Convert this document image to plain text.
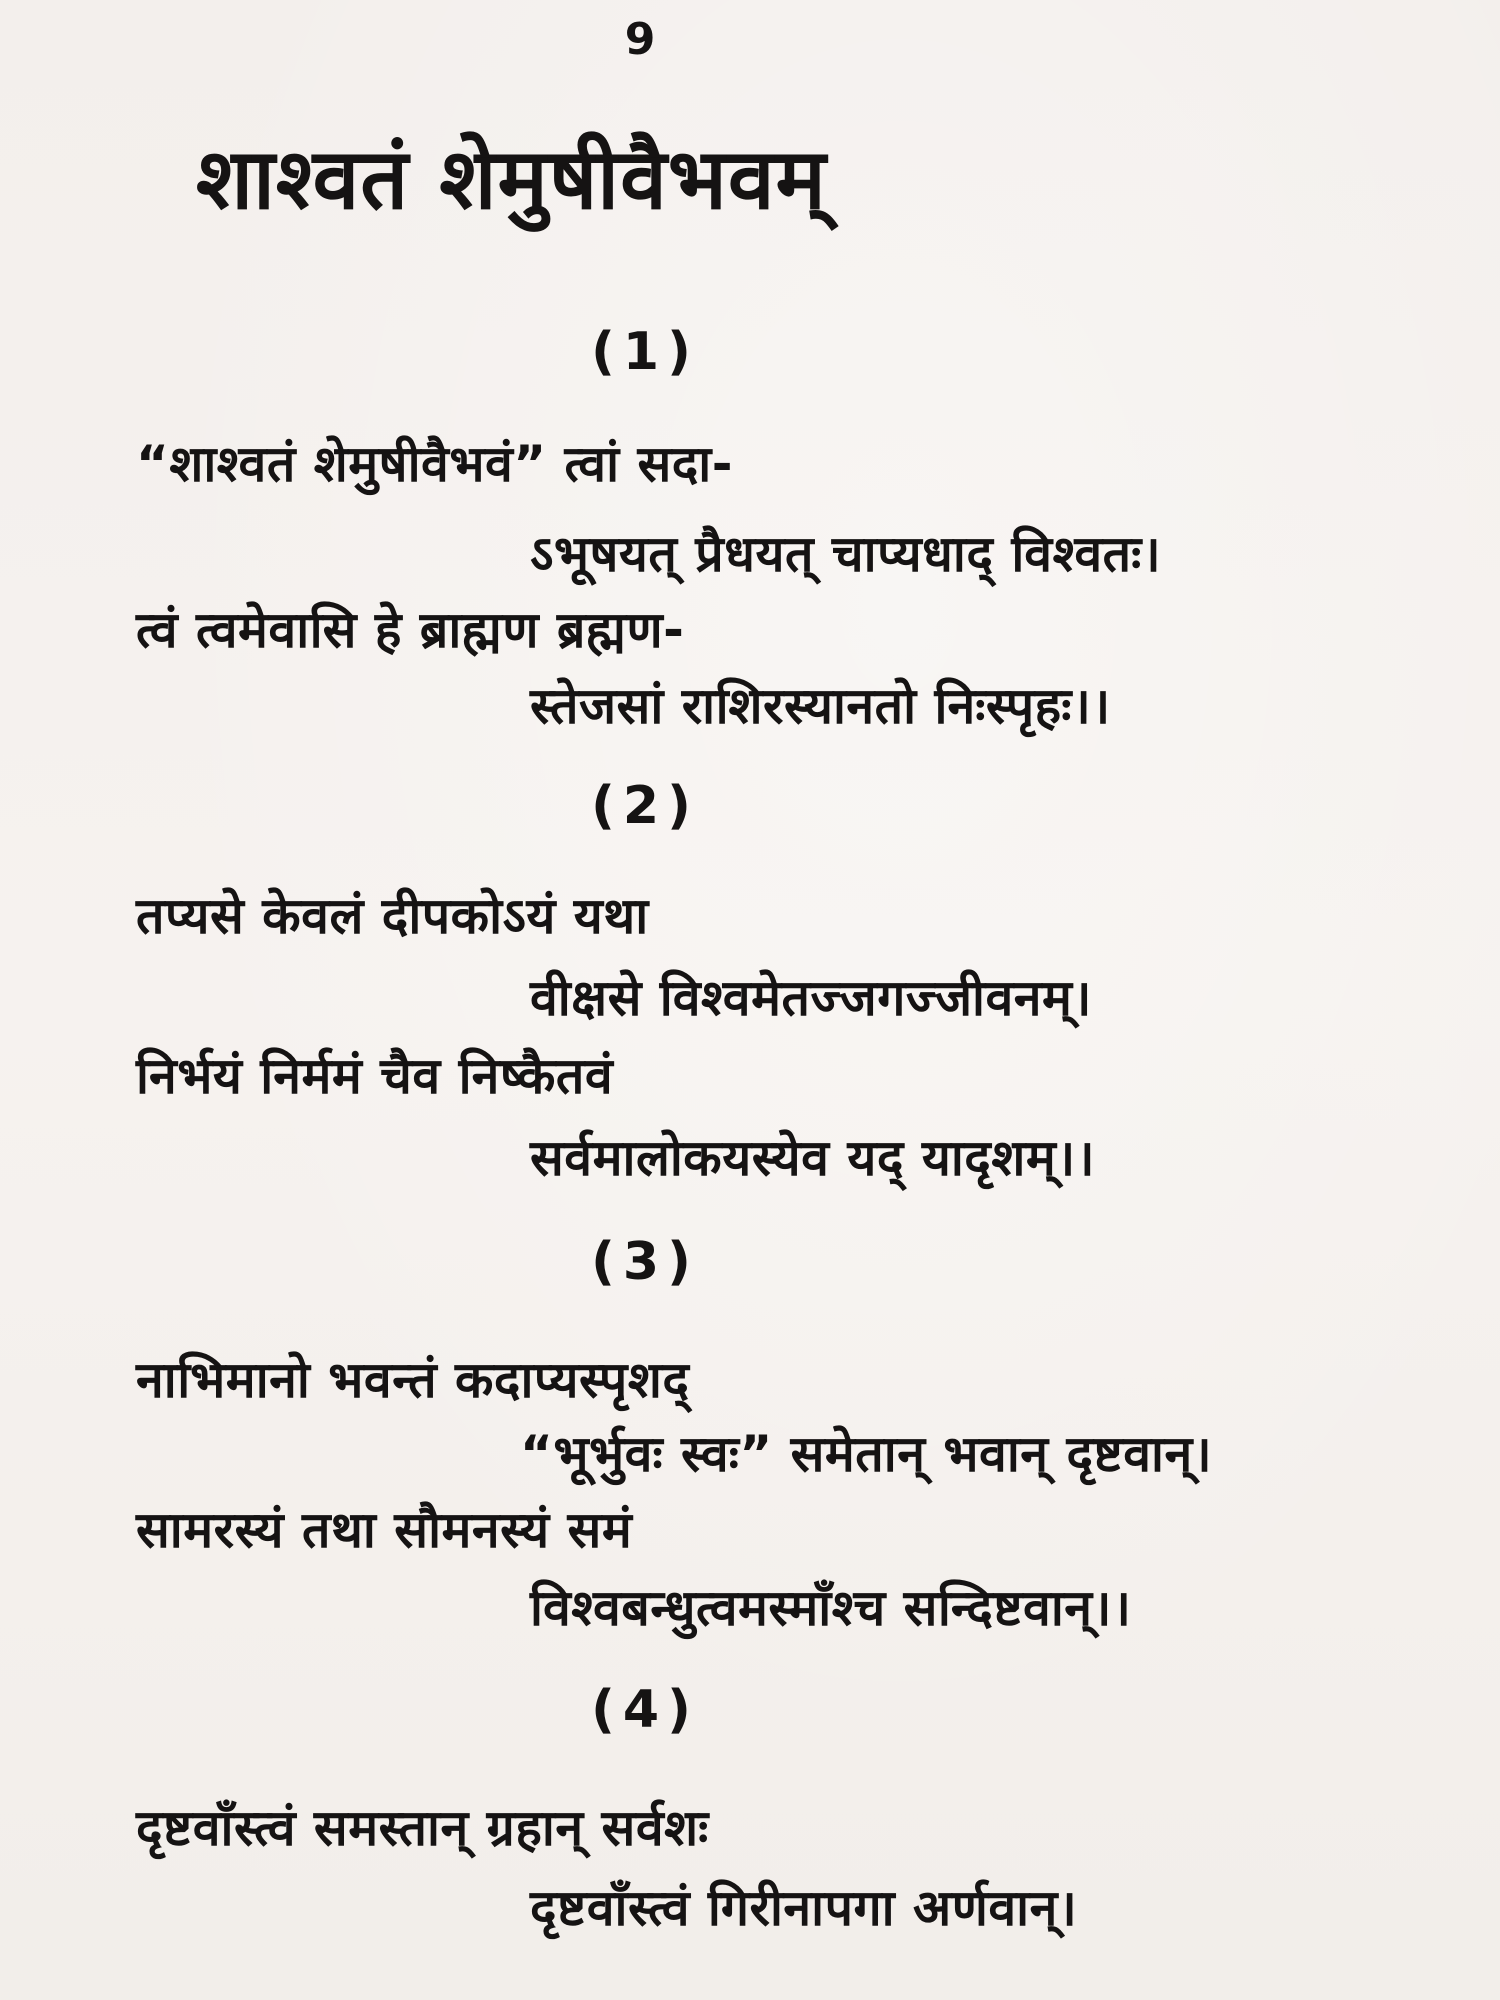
9
शाश्वतं शेमुषीवैभवम्
(1)
“शाश्वतं शेमुषीवैभवं” त्वां सदा-
ऽभूषयत् प्रैधयत् चाप्यधाद् विश्वतः।
त्वं त्वमेवासि हे ब्राह्मण ब्रह्मण-
स्तेजसां राशिरस्यानतो निःस्पृहः।।
(2)
तप्यसे केवलं दीपकोऽयं यथा
वीक्षसे विश्वमेतज्जगज्जीवनम्।
निर्भयं निर्ममं चैव निष्कैतवं
सर्वमालोकयस्येव यद् यादृशम्।।
(3)
नाभिमानो भवन्तं कदाप्यस्पृशद्
“भूर्भुवः स्वः” समेतान् भवान् दृष्टवान्।
सामरस्यं तथा सौमनस्यं समं
विश्वबन्धुत्वमस्माँश्च सन्दिष्टवान्।।
(4)
दृष्टवाँस्त्वं समस्तान् ग्रहान् सर्वशः
दृष्टवाँस्त्वं गिरीनापगा अर्णवान्।
